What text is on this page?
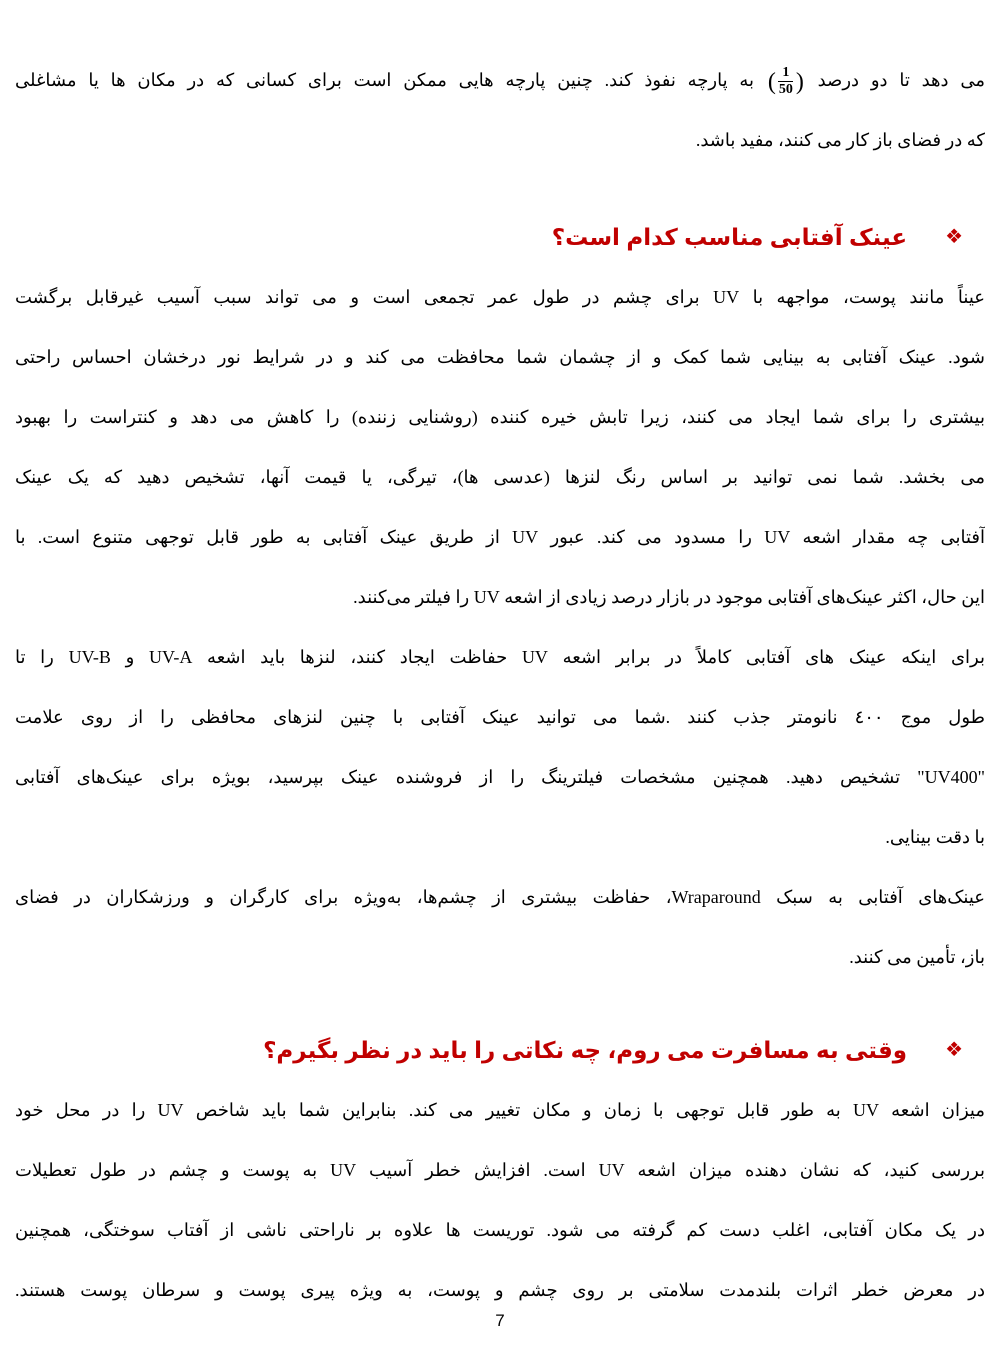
می دهد تا دو درصد
( $\frac{1}{50}$ )
به پارچه نفوذ کند. چنین پارچه هایی ممکن است برای کسانی که در مکان ها یا مشاغلی
که در فضای باز کار می کنند، مفید باشد.
❖
عینک آفتابی مناسب کدام است؟
عیناً مانند پوست، مواجهه با UV برای چشم در طول عمر تجمعی است و می تواند سبب آسیب غیرقابل برگشت
شود. عینک آفتابی به بینایی شما کمک و از چشمان شما محافظت می کند و در شرایط نور درخشان احساس راحتی
بیشتری را برای شما ایجاد می کنند، زیرا تابش خیره کننده (روشنایی زننده) را کاهش می دهد و کنتراست را بهبود
می بخشد. شما نمی توانید بر اساس رنگ لنزها (عدسی ها)، تیرگی، یا قیمت آنها، تشخیص دهید که یک عینک
آفتابی چه مقدار اشعه UV را مسدود می کند. عبور UV از طریق عینک آفتابی به طور قابل توجهی متنوع است. با
این حال، اکثر عینک‌های آفتابی موجود در بازار درصد زیادی از اشعه UV را فیلتر می‌کنند.
برای اینکه عینک های آفتابی کاملاً در برابر اشعه UV حفاظت ایجاد کنند، لنزها باید اشعه UV-A و UV-B را تا
طول موج ٤٠٠ نانومتر جذب کنند .شما می توانید عینک آفتابی با چنین لنزهای محافظی را از روی علامت
"UV400" تشخیص دهید. همچنین مشخصات فیلترینگ را از فروشنده عینک بپرسید، بویژه برای عینک‌های آفتابی
با دقت بینایی.
عینک‌های آفتابی به سبک Wraparound، حفاظت بیشتری از چشم‌ها، به‌ویژه برای کارگران و ورزشکاران در فضای
باز، تأمین می کنند.
❖
وقتی به مسافرت می روم، چه نکاتی را باید در نظر بگیرم؟
میزان اشعه UV به طور قابل توجهی با زمان و مکان تغییر می کند. بنابراین شما باید شاخص UV را در محل خود
بررسی کنید، که نشان دهنده میزان اشعه UV است. افزایش خطر آسیب UV به پوست و چشم در طول تعطیلات
در یک مکان آفتابی، اغلب دست کم گرفته می شود. توریست ها علاوه بر ناراحتی ناشی از آفتاب سوختگی، همچنین
در معرض خطر اثرات بلندمدت سلامتی بر روی چشم و پوست، به ویژه پیری پوست و سرطان پوست هستند.
7
